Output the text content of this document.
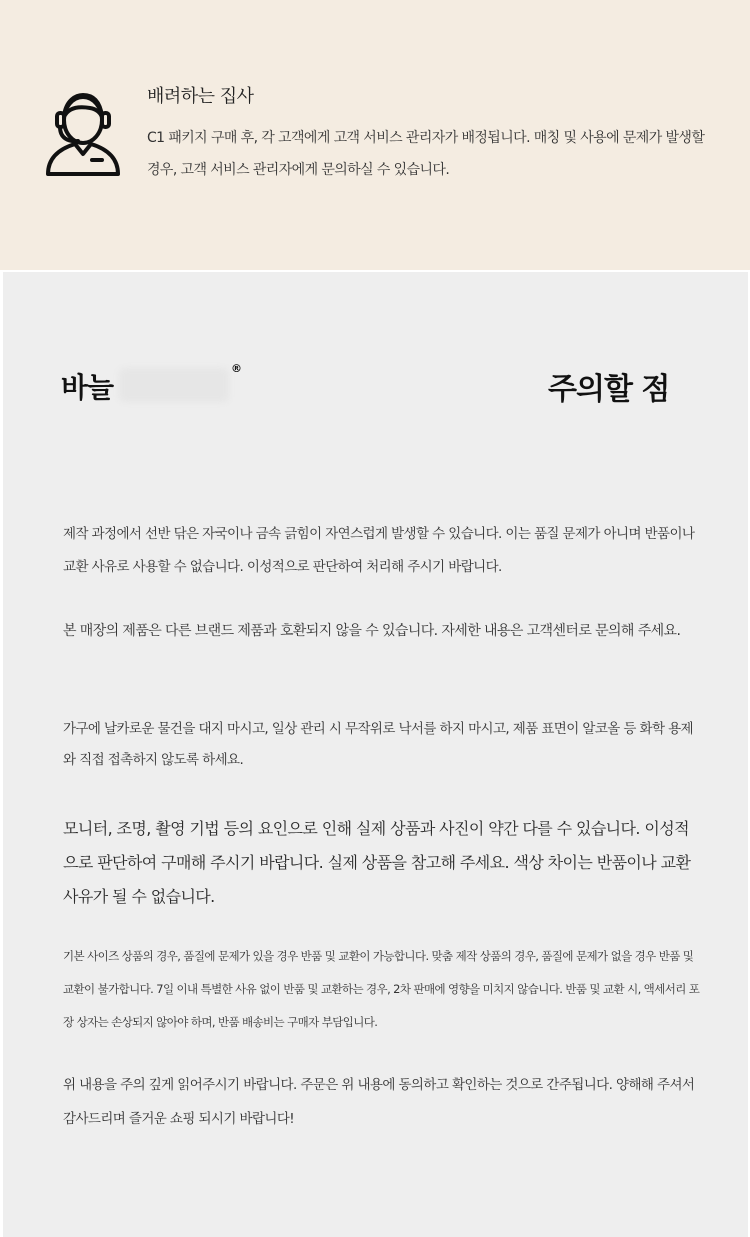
배려하는 집사
C1 패키지 구매 후, 각 고객에게 고객 서비스 관리자가 배정됩니다. 매칭 및 사용에 문제가 발생할 경우, 고객 서비스 관리자에게 문의하실 수 있습니다.
바늘
®
주의할 점

제작 과정에서 선반 닦은 자국이나 금속 긁힘이 자연스럽게 발생할 수 있습니다. 이는 품질 문제가 아니며 반품이나 교환 사유로 사용할 수 없습니다. 이성적으로 판단하여 처리해 주시기 바랍니다.

본 매장의 제품은 다른 브랜드 제품과 호환되지 않을 수 있습니다. 자세한 내용은 고객센터로 문의해 주세요.

가구에 날카로운 물건을 대지 마시고, 일상 관리 시 무작위로 낙서를 하지 마시고, 제품 표면이 알코올 등 화학 용제와 직접 접촉하지 않도록 하세요.

모니터, 조명, 촬영 기법 등의 요인으로 인해 실제 상품과 사진이 약간 다를 수 있습니다. 이성적으로 판단하여 구매해 주시기 바랍니다. 실제 상품을 참고해 주세요. 색상 차이는 반품이나 교환 사유가 될 수 없습니다.

기본 사이즈 상품의 경우, 품질에 문제가 있을 경우 반품 및 교환이 가능합니다. 맞춤 제작 상품의 경우, 품질에 문제가 없을 경우 반품 및 교환이 불가합니다. 7일 이내 특별한 사유 없이 반품 및 교환하는 경우, 2차 판매에 영향을 미치지 않습니다. 반품 및 교환 시, 액세서리 포장 상자는 손상되지 않아야 하며, 반품 배송비는 구매자 부담입니다.

위 내용을 주의 깊게 읽어주시기 바랍니다. 주문은 위 내용에 동의하고 확인하는 것으로 간주됩니다. 양해해 주셔서 감사드리며 즐거운 쇼핑 되시기 바랍니다!
